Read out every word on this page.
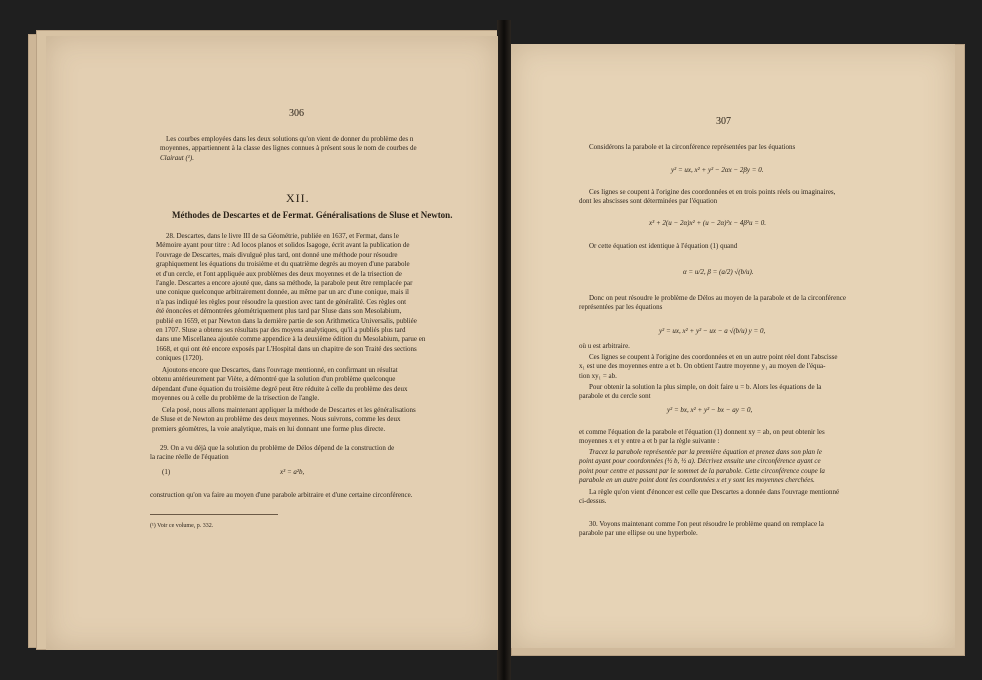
306

Les courbes employées dans les deux solutions qu'on vient de donner du problème des n

moyennes, appartiennent à la classe des lignes connues à présent sous le nom de courbes de

Clairaut (¹).

XII.
Méthodes de Descartes et de Fermat. Généralisations de Sluse et Newton.

28. Descartes, dans le livre III de sa Géométrie, publiée en 1637, et Fermat, dans le

Mémoire ayant pour titre : Ad locos planos et solidos Isagoge, écrit avant la publication de

l'ouvrage de Descartes, mais divulgué plus tard, ont donné une méthode pour résoudre

graphiquement les équations du troisième et du quatrième degrés au moyen d'une parabole

et d'un cercle, et l'ont appliquée aux problèmes des deux moyennes et de la trisection de

l'angle. Descartes a encore ajouté que, dans sa méthode, la parabole peut être remplacée par

une conique quelconque arbitrairement donnée, au même par un arc d'une conique, mais il

n'a pas indiqué les règles pour résoudre la question avec tant de généralité. Ces règles ont

été énoncées et démontrées géométriquement plus tard par Sluse dans son Mesolabium,

publié en 1659, et par Newton dans la dernière partie de son Arithmetica Universalis, publiée

en 1707. Sluse a obtenu ses résultats par des moyens analytiques, qu'il a publiés plus tard

dans une Miscellanea ajoutée comme appendice à la deuxième édition du Mesolabium, parue en

1668, et qui ont été encore exposés par L'Hospital dans un chapitre de son Traité des sections

coniques (1720).

Ajoutons encore que Descartes, dans l'ouvrage mentionné, en confirmant un résultat

obtenu antérieurement par Viète, a démontré que la solution d'un problème quelconque

dépendant d'une équation du troisième degré peut être réduite à celle du problème des deux

moyennes ou à celle du problème de la trisection de l'angle.

Cela posé, nous allons maintenant appliquer la méthode de Descartes et les généralisations

de Sluse et de Newton au problème des deux moyennes. Nous suivrons, comme les deux

premiers géomètres, la voie analytique, mais en lui donnant une forme plus directe.

29. On a vu déjà que la solution du problème de Délos dépend de la construction de

la racine réelle de l'équation

(1)	x³ = a²b,
construction qu'on va faire au moyen d'une parabole arbitraire et d'une certaine circonférence.
(¹) Voir ce volume, p. 332.
307
Considérons la parabole et la circonférence représentées par les équations
y² = ux, x² + y² − 2αx − 2βy = 0.

Ces lignes se coupent à l'origine des coordonnées et en trois points réels ou imaginaires,

dont les abscisses sont déterminées par l'équation

x³ + 2(u − 2α)x² + (u − 2α)²x − 4β²u = 0.
Or cette équation est identique à l'équation (1) quand
α = u/2, β = (a/2) √(b/u).

Donc on peut résoudre le problème de Délos au moyen de la parabole et de la circonférence

représentées par les équations

y² = ux, x² + y² − ux − a √(b/u) y = 0,
où u est arbitraire.

Ces lignes se coupent à l'origine des coordonnées et en un autre point réel dont l'abscisse

x₁ est une des moyennes entre a et b. On obtient l'autre moyenne y₁ au moyen de l'équa-

tion xy₁ = ab.

Pour obtenir la solution la plus simple, on doit faire u = b. Alors les équations de la

parabole et du cercle sont

y² = bx, x² + y² − bx − ay = 0,

et comme l'équation de la parabole et l'équation (1) donnent xy = ab, on peut obtenir les

moyennes x et y entre a et b par la règle suivante :

Tracez la parabole représentée par la première équation et prenez dans son plan le

point ayant pour coordonnées (½ b, ½ a). Décrivez ensuite une circonférence ayant ce

point pour centre et passant par le sommet de la parabole. Cette circonférence coupe la

parabole en un autre point dont les coordonnées x et y sont les moyennes cherchées.

La règle qu'on vient d'énoncer est celle que Descartes a donnée dans l'ouvrage mentionné

ci-dessus.

30. Voyons maintenant comme l'on peut résoudre le problème quand on remplace la

parabole par une ellipse ou une hyperbole.
